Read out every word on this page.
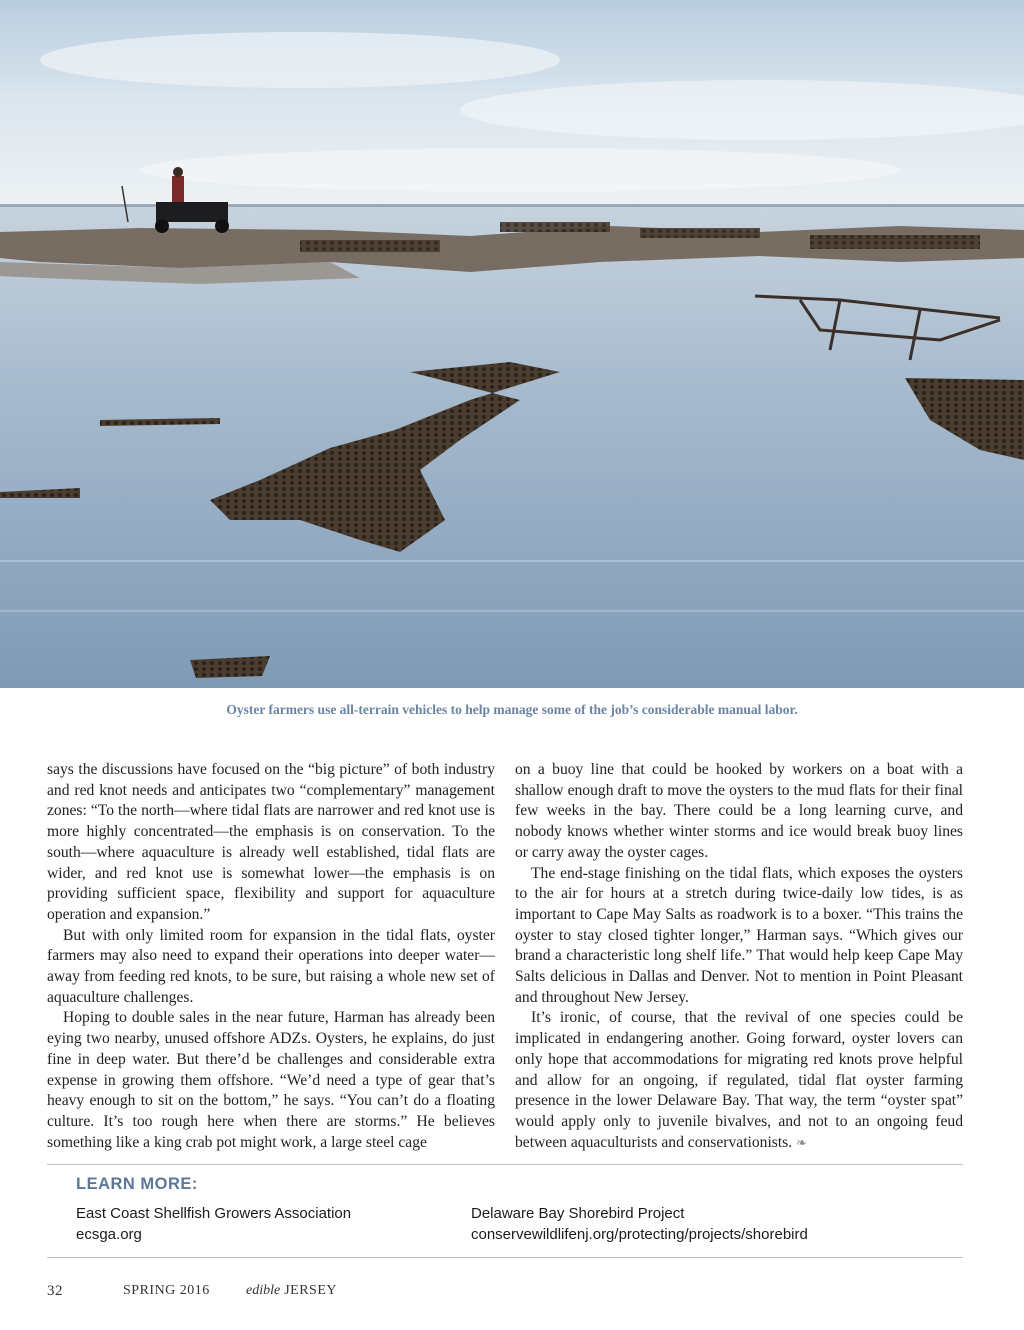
Oyster farmers use all-terrain vehicles to help manage some of the job’s considerable manual labor.

says the discussions have focused on the “big picture” of both industry and red knot needs and anticipates two “complementary” management zones: “To the north—where tidal flats are narrower and red knot use is more highly concentrated—the emphasis is on conservation. To the south—where aquaculture is already well established, tidal flats are wider, and red knot use is somewhat lower—the emphasis is on providing sufficient space, flexibility and support for aquaculture operation and expansion.”

But with only limited room for expansion in the tidal flats, oyster farmers may also need to expand their operations into deeper water—away from feeding red knots, to be sure, but raising a whole new set of aquaculture challenges.

Hoping to double sales in the near future, Harman has already been eying two nearby, unused offshore ADZs. Oysters, he explains, do just fine in deep water. But there’d be challenges and considerable extra expense in growing them offshore. “We’d need a type of gear that’s heavy enough to sit on the bottom,” he says. “You can’t do a floating culture. It’s too rough here when there are storms.” He believes something like a king crab pot might work, a large steel cage

on a buoy line that could be hooked by workers on a boat with a shallow enough draft to move the oysters to the mud flats for their final few weeks in the bay. There could be a long learning curve, and nobody knows whether winter storms and ice would break buoy lines or carry away the oyster cages.

The end-stage finishing on the tidal flats, which exposes the oysters to the air for hours at a stretch during twice-daily low tides, is as important to Cape May Salts as roadwork is to a boxer. “This trains the oyster to stay closed tighter longer,” Harman says. “Which gives our brand a characteristic long shelf life.” That would help keep Cape May Salts delicious in Dallas and Denver. Not to mention in Point Pleasant and throughout New Jersey.

It’s ironic, of course, that the revival of one species could be implicated in endangering another. Going forward, oyster lovers can only hope that accommodations for migrating red knots prove helpful and allow for an ongoing, if regulated, tidal flat oyster farming presence in the lower Delaware Bay. That way, the term “oyster spat” would apply only to juvenile bivalves, and not to an ongoing feud between aquaculturists and conservationists. ❧

LEARN MORE:
East Coast Shellfish Growers Association
ecsga.org
Delaware Bay Shorebird Project
conservewildlifenj.org/protecting/projects/shorebird
32	SPRING 2016	edible JERSEY
